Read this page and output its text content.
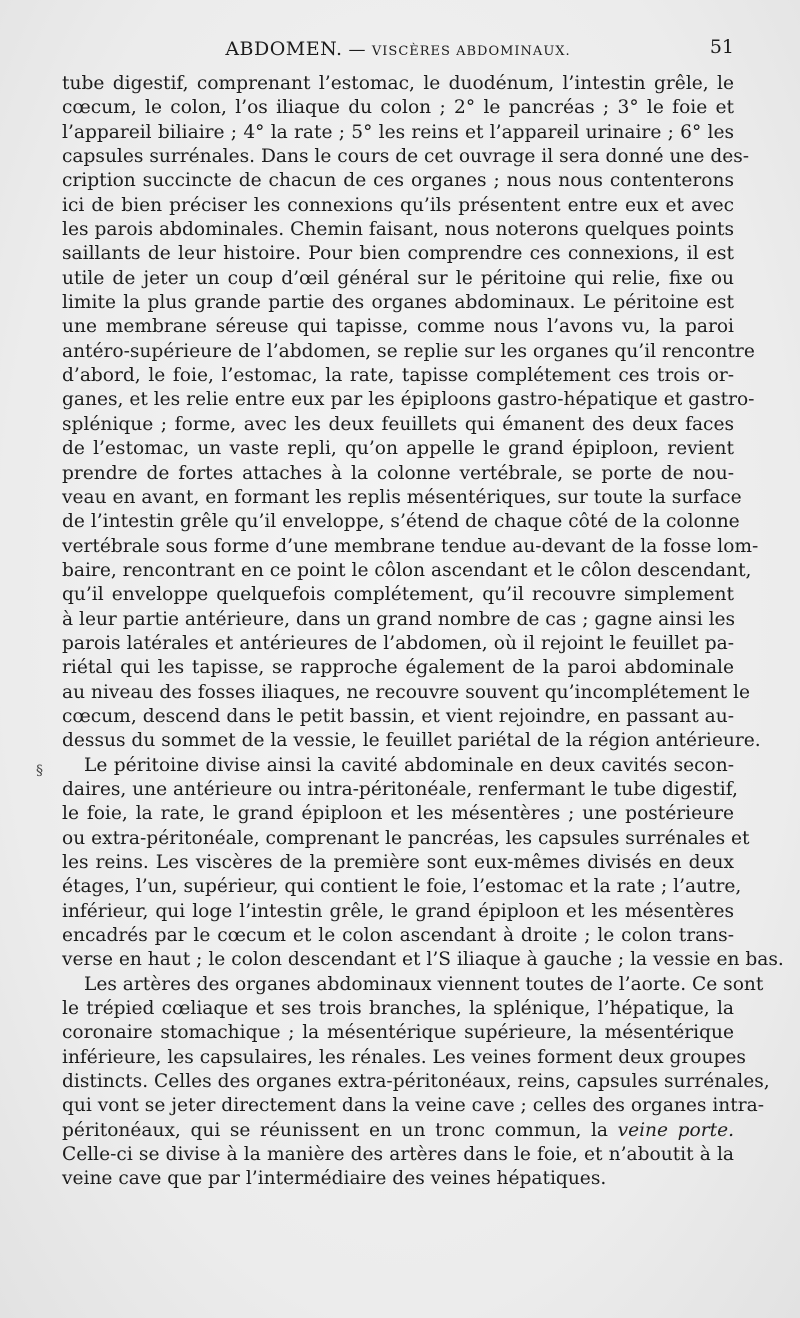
ABDOMEN. — VISCÈRES ABDOMINAUX.	51
§
tube digestif, comprenant l’estomac, le duodénum, l’intestin grêle, le
cœcum, le colon, l’os iliaque du colon ; 2° le pancréas ; 3° le foie et
l’appareil biliaire ; 4° la rate ; 5° les reins et l’appareil urinaire ; 6° les
capsules surrénales. Dans le cours de cet ouvrage il sera donné une des-
cription succincte de chacun de ces organes ; nous nous contenterons
ici de bien préciser les connexions qu’ils présentent entre eux et avec
les parois abdominales. Chemin faisant, nous noterons quelques points
saillants de leur histoire. Pour bien comprendre ces connexions, il est
utile de jeter un coup d’œil général sur le péritoine qui relie, fixe ou
limite la plus grande partie des organes abdominaux. Le péritoine est
une membrane séreuse qui tapisse, comme nous l’avons vu, la paroi
antéro-supérieure de l’abdomen, se replie sur les organes qu’il rencontre
d’abord, le foie, l’estomac, la rate, tapisse complétement ces trois or-
ganes, et les relie entre eux par les épiploons gastro-hépatique et gastro-
splénique ; forme, avec les deux feuillets qui émanent des deux faces
de l’estomac, un vaste repli, qu’on appelle le grand épiploon, revient
prendre de fortes attaches à la colonne vertébrale, se porte de nou-
veau en avant, en formant les replis mésentériques, sur toute la surface
de l’intestin grêle qu’il enveloppe, s’étend de chaque côté de la colonne
vertébrale sous forme d’une membrane tendue au-devant de la fosse lom-
baire, rencontrant en ce point le côlon ascendant et le côlon descendant,
qu’il enveloppe quelquefois complétement, qu’il recouvre simplement
à leur partie antérieure, dans un grand nombre de cas ; gagne ainsi les
parois latérales et antérieures de l’abdomen, où il rejoint le feuillet pa-
riétal qui les tapisse, se rapproche également de la paroi abdominale
au niveau des fosses iliaques, ne recouvre souvent qu’incomplétement le
cœcum, descend dans le petit bassin, et vient rejoindre, en passant au-
dessus du sommet de la vessie, le feuillet pariétal de la région antérieure.
Le péritoine divise ainsi la cavité abdominale en deux cavités secon-
daires, une antérieure ou intra-péritonéale, renfermant le tube digestif,
le foie, la rate, le grand épiploon et les mésentères ; une postérieure
ou extra-péritonéale, comprenant le pancréas, les capsules surrénales et
les reins. Les viscères de la première sont eux-mêmes divisés en deux
étages, l’un, supérieur, qui contient le foie, l’estomac et la rate ; l’autre,
inférieur, qui loge l’intestin grêle, le grand épiploon et les mésentères
encadrés par le cœcum et le colon ascendant à droite ; le colon trans-
verse en haut ; le colon descendant et l’S iliaque à gauche ; la vessie en bas.
Les artères des organes abdominaux viennent toutes de l’aorte. Ce sont
le trépied cœliaque et ses trois branches, la splénique, l’hépatique, la
coronaire stomachique ; la mésentérique supérieure, la mésentérique
inférieure, les capsulaires, les rénales. Les veines forment deux groupes
distincts. Celles des organes extra-péritonéaux, reins, capsules surrénales,
qui vont se jeter directement dans la veine cave ; celles des organes intra-
péritonéaux, qui se réunissent en un tronc commun, la veine porte.
Celle-ci se divise à la manière des artères dans le foie, et n’aboutit à la
veine cave que par l’intermédiaire des veines hépatiques.
